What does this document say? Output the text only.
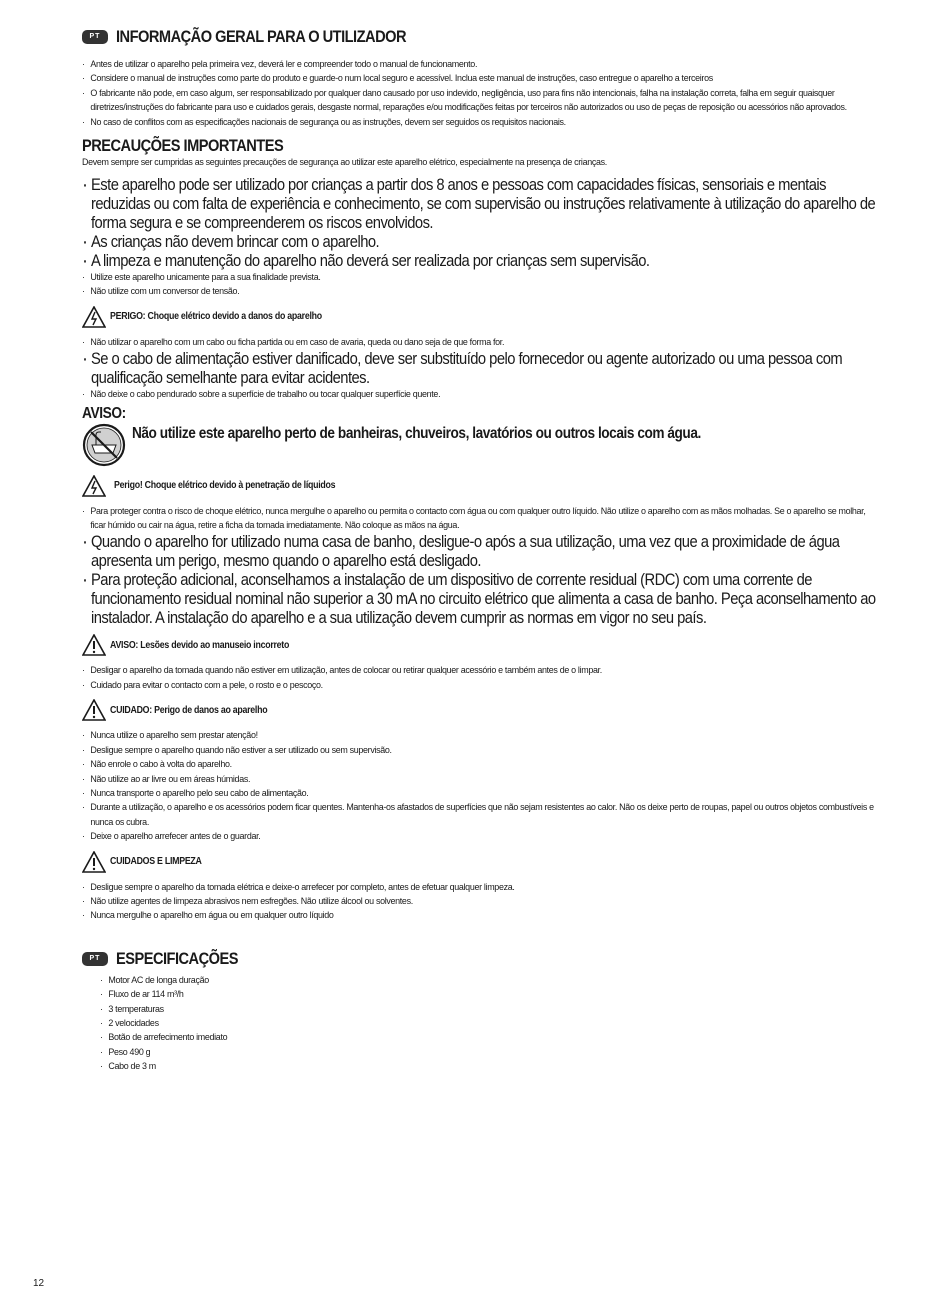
PT INFORMAÇÃO GERAL PARA O UTILIZADOR
· Antes de utilizar o aparelho pela primeira vez, deverá ler e compreender todo o manual de funcionamento.
· Considere o manual de instruções como parte do produto e guarde-o num local seguro e acessível. Inclua este manual de instruções, caso entregue o aparelho a terceiros
· O fabricante não pode, em caso algum, ser responsabilizado por qualquer dano causado por uso indevido, negligência, uso para fins não intencionais, falha na instalação correta, falha em seguir quaisquer diretrizes/instruções do fabricante para uso e cuidados gerais, desgaste normal, reparações e/ou modificações feitas por terceiros não autorizados ou uso de peças de reposição ou acessórios não aprovados.
· No caso de conflitos com as especificações nacionais de segurança ou as instruções, devem ser seguidos os requisitos nacionais.
PRECAUÇÕES IMPORTANTES
Devem sempre ser cumpridas as seguintes precauções de segurança ao utilizar este aparelho elétrico, especialmente na presença de crianças.
· Este aparelho pode ser utilizado por crianças a partir dos 8 anos e pessoas com capacidades físicas, sensoriais e mentais reduzidas ou com falta de experiência e conhecimento, se com supervisão ou instruções relativamente à utilização do aparelho de forma segura e se compreenderem os riscos envolvidos.
· As crianças não devem brincar com o aparelho.
· A limpeza e manutenção do aparelho não deverá ser realizada por crianças sem supervisão.
· Utilize este aparelho unicamente para a sua finalidade prevista.
· Não utilize com um conversor de tensão.
PERIGO: Choque elétrico devido a danos do aparelho
· Não utilizar o aparelho com um cabo ou ficha partida ou em caso de avaria, queda ou dano seja de que forma for.
· Se o cabo de alimentação estiver danificado, deve ser substituído pelo fornecedor ou agente autorizado ou uma pessoa com qualificação semelhante para evitar acidentes.
· Não deixe o cabo pendurado sobre a superfície de trabalho ou tocar qualquer superfície quente.
AVISO:
Não utilize este aparelho perto de banheiras, chuveiros, lavatórios ou outros locais com água.
Perigo! Choque elétrico devido à penetração de líquidos
· Para proteger contra o risco de choque elétrico, nunca mergulhe o aparelho ou permita o contacto com água ou com qualquer outro líquido. Não utilize o aparelho com as mãos molhadas. Se o aparelho se molhar, ficar húmido ou cair na água, retire a ficha da tomada imediatamente. Não coloque as mãos na água.
· Quando o aparelho for utilizado numa casa de banho, desligue-o após a sua utilização, uma vez que a proximidade de água apresenta um perigo, mesmo quando o aparelho está desligado.
· Para proteção adicional, aconselhamos a instalação de um dispositivo de corrente residual (RDC) com uma corrente de funcionamento residual nominal não superior a 30 mA no circuito elétrico que alimenta a casa de banho. Peça aconselhamento ao instalador. A instalação do aparelho e a sua utilização devem cumprir as normas em vigor no seu país.
AVISO: Lesões devido ao manuseio incorreto
· Desligar o aparelho da tomada quando não estiver em utilização, antes de colocar ou retirar qualquer acessório e também antes de o limpar.
· Cuidado para evitar o contacto com a pele, o rosto e o pescoço.
CUIDADO: Perigo de danos ao aparelho
· Nunca utilize o aparelho sem prestar atenção!
· Desligue sempre o aparelho quando não estiver a ser utilizado ou sem supervisão.
· Não enrole o cabo à volta do aparelho.
· Não utilize ao ar livre ou em áreas húmidas.
· Nunca transporte o aparelho pelo seu cabo de alimentação.
· Durante a utilização, o aparelho e os acessórios podem ficar quentes. Mantenha-os afastados de superfícies que não sejam resistentes ao calor. Não os deixe perto de roupas, papel ou outros objetos combustíveis e nunca os cubra.
· Deixe o aparelho arrefecer antes de o guardar.
CUIDADOS E LIMPEZA
· Desligue sempre o aparelho da tomada elétrica e deixe-o arrefecer por completo, antes de efetuar qualquer limpeza.
· Não utilize agentes de limpeza abrasivos nem esfregões. Não utilize álcool ou solventes.
· Nunca mergulhe o aparelho em água ou em qualquer outro líquido
PT ESPECIFICAÇÕES
· Motor AC de longa duração
· Fluxo de ar 114 m³/h
· 3 temperaturas
· 2 velocidades
· Botão de arrefecimento imediato
· Peso 490 g
· Cabo de 3 m
12
